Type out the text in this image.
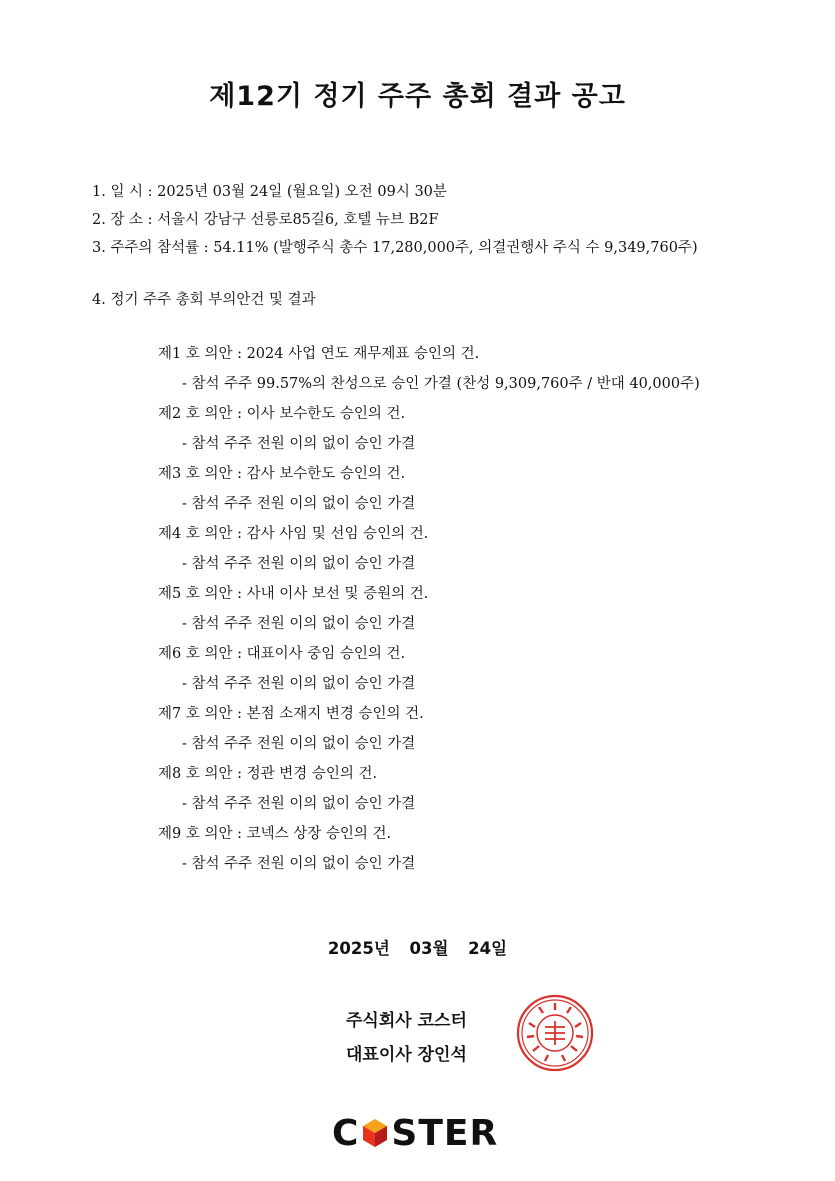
제12기 정기 주주 총회 결과 공고
1. 일 시 : 2025년 03월 24일 (월요일) 오전 09시 30분
2. 장 소 : 서울시 강남구 선릉로85길6, 호텔 뉴브 B2F
3. 주주의 참석률 : 54.11% (발행주식 총수 17,280,000주, 의결권행사 주식 수 9,349,760주)
4. 정기 주주 총회 부의안건 및 결과
제1 호 의안 : 2024 사업 연도 재무제표 승인의 건.
- 참석 주주 99.57%의 찬성으로 승인 가결 (찬성 9,309,760주 / 반대 40,000주)
제2 호 의안 : 이사 보수한도 승인의 건.
- 참석 주주 전원 이의 없이 승인 가결
제3 호 의안 : 감사 보수한도 승인의 건.
- 참석 주주 전원 이의 없이 승인 가결
제4 호 의안 : 감사 사임 및 선임 승인의 건.
- 참석 주주 전원 이의 없이 승인 가결
제5 호 의안 : 사내 이사 보선 및 증원의 건.
- 참석 주주 전원 이의 없이 승인 가결
제6 호 의안 : 대표이사 중임 승인의 건.
- 참석 주주 전원 이의 없이 승인 가결
제7 호 의안 : 본점 소재지 변경 승인의 건.
- 참석 주주 전원 이의 없이 승인 가결
제8 호 의안 : 정관 변경 승인의 건.
- 참석 주주 전원 이의 없이 승인 가결
제9 호 의안 : 코넥스 상장 승인의 건.
- 참석 주주 전원 이의 없이 승인 가결
2025년 03월 24일
주식회사 코스터
대표이사 장인석
C STER
